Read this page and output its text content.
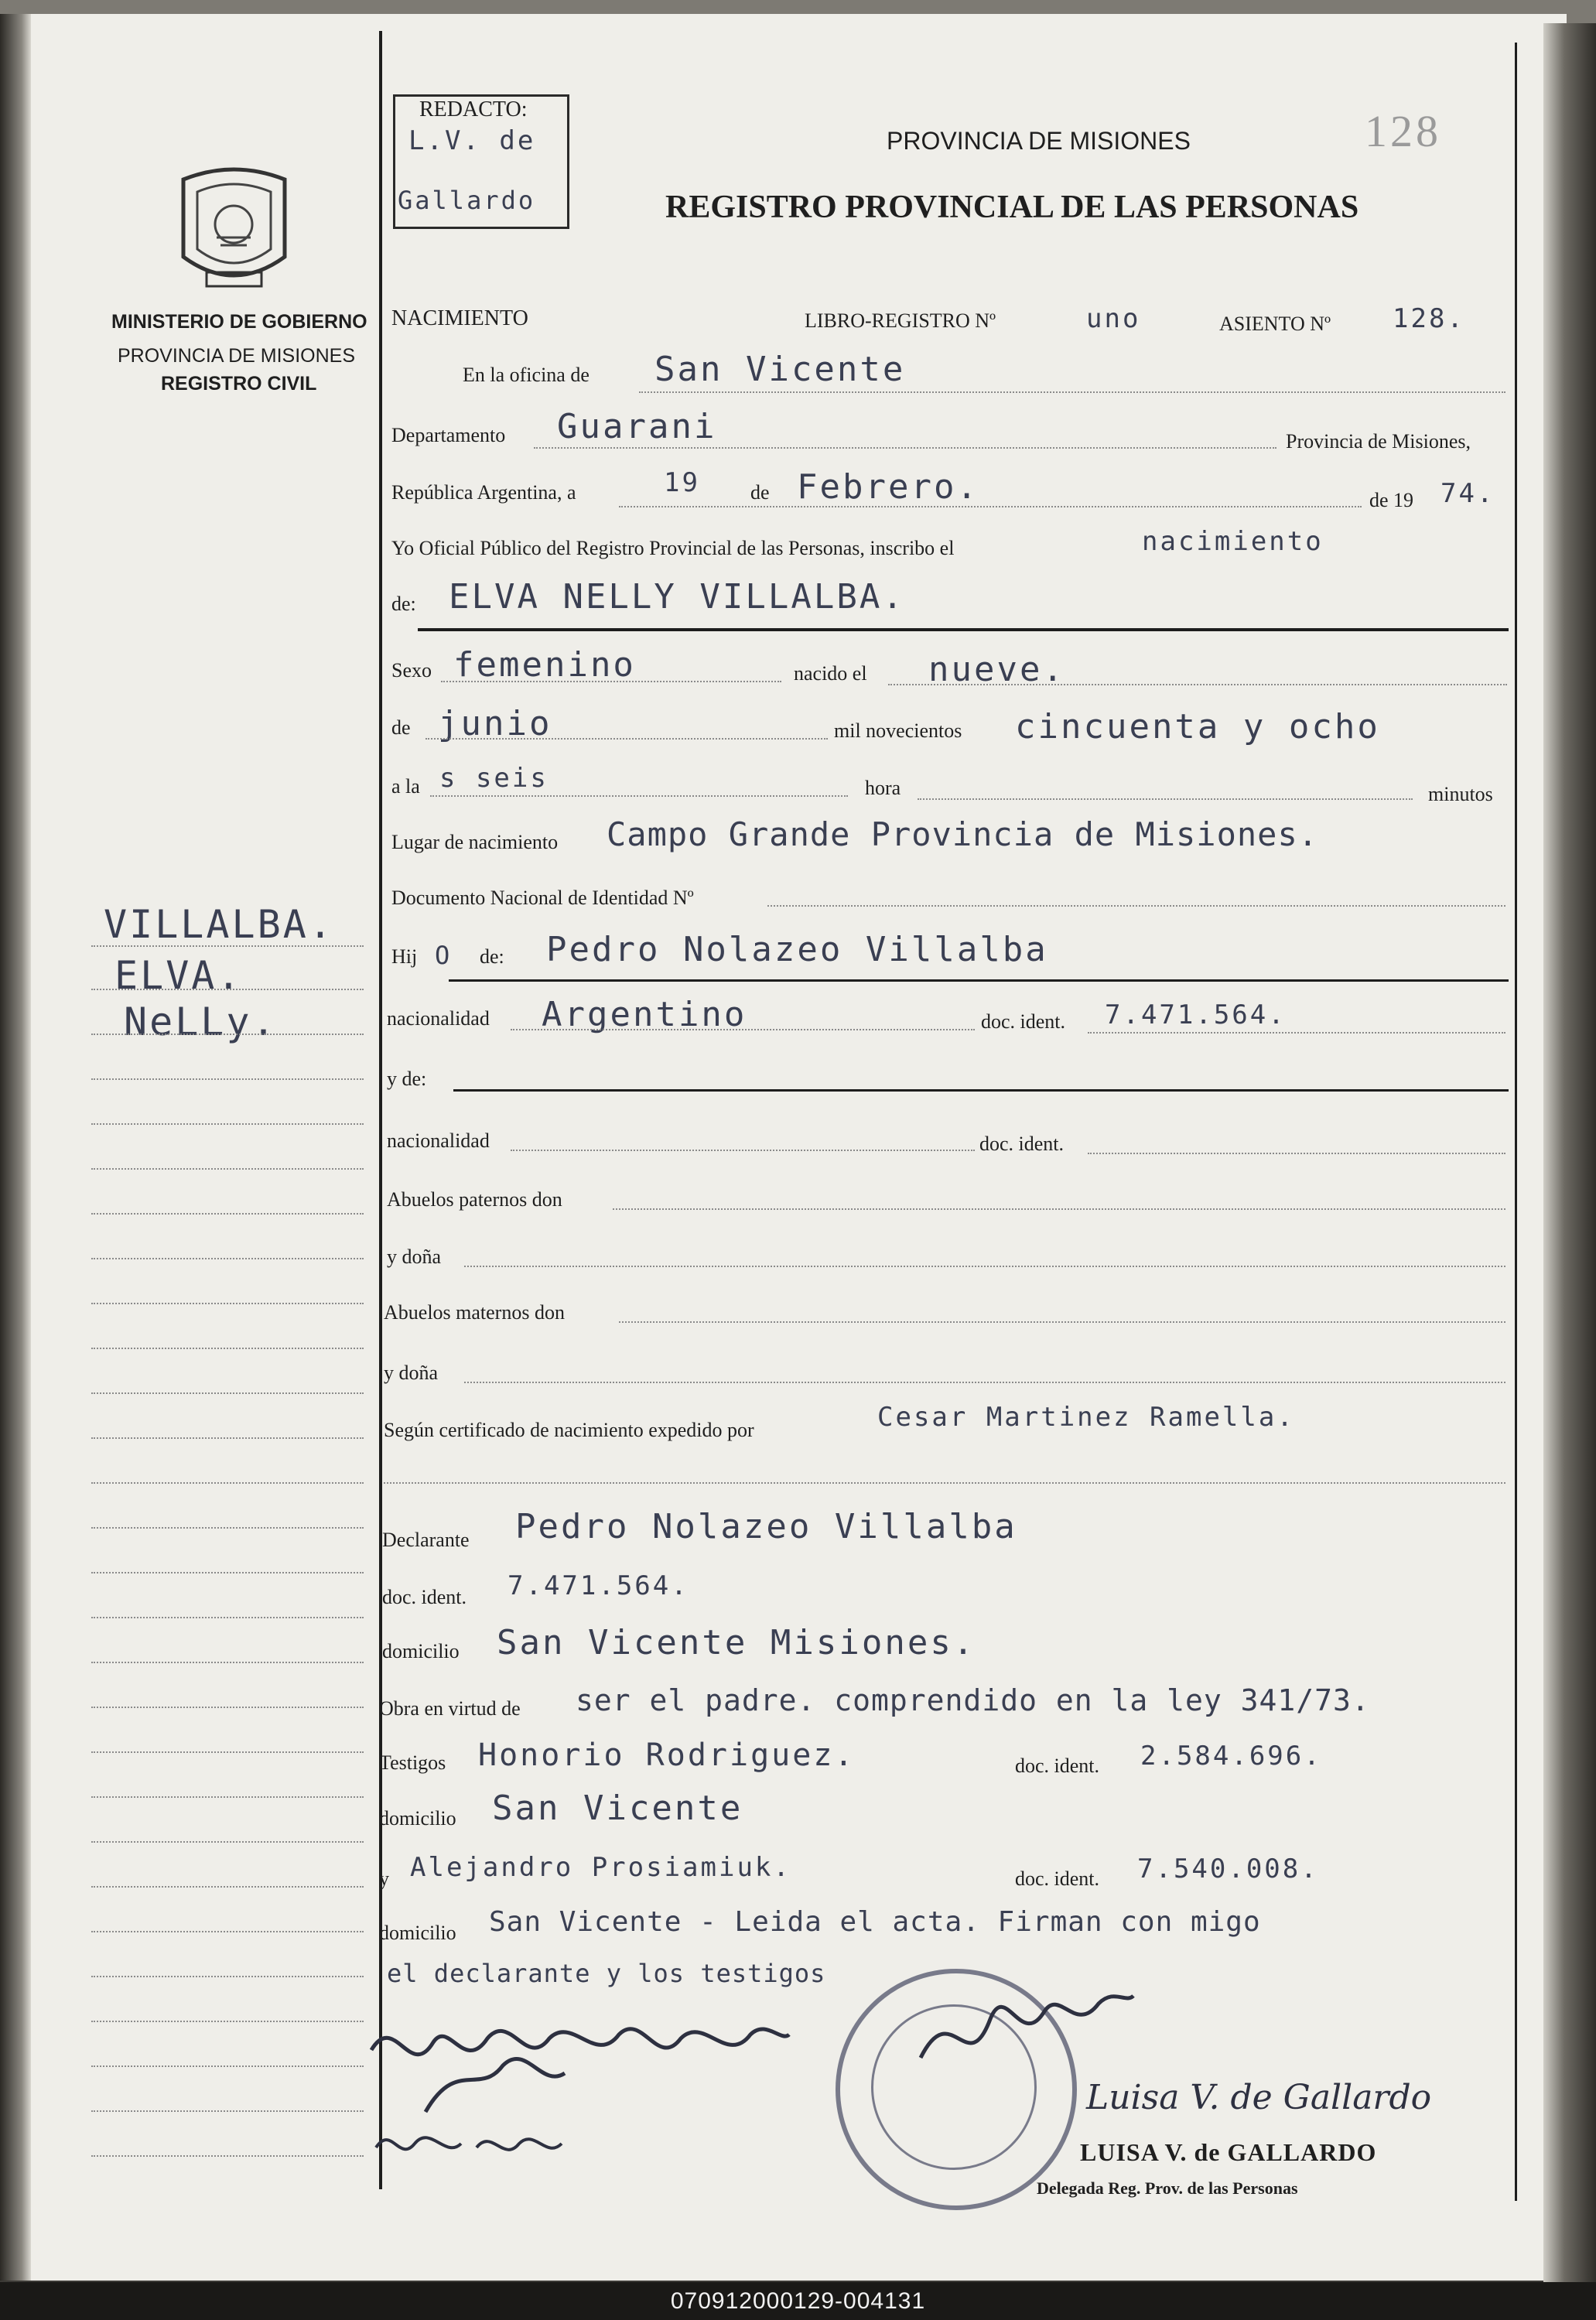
REDACTO:
L.V. de
Gallardo
PROVINCIA DE MISIONES
REGISTRO PROVINCIAL DE LAS PERSONAS
128
MINISTERIO DE GOBIERNO
PROVINCIA DE MISIONES
REGISTRO CIVIL
VILLALBA.
ELVA.
NeLLy.
NACIMIENTO	LIBRO-REGISTRO Nº	uno	ASIENTO Nº 128.
En la oficina de San Vicente
Departamento Guarani	Provincia de Misiones,
República Argentina, a	19	de Febrero.	de 19 74.
Yo Oficial Público del Registro Provincial de las Personas, inscribo el	nacimiento
de: ELVA NELLY VILLALBA.
Sexo femenino	nacido el nueve.
de junio	mil novecientos cincuenta y ocho
a la s seis	hora	minutos
Lugar de nacimiento Campo Grande Provincia de Misiones.
Documento Nacional de Identidad Nº
Hij O de: Pedro Nolazeo Villalba
nacionalidad Argentino	doc. ident. 7.471.564.
y de:
nacionalidad	doc. ident.
Abuelos paternos don
y doña
Abuelos maternos don
y doña
Según certificado de nacimiento expedido por	Cesar Martinez Ramella.
Declarante Pedro Nolazeo Villalba
doc. ident. 7.471.564.
domicilio San Vicente Misiones.
Obra en virtud de ser el padre. comprendido en la ley 341/73.
Testigos Honorio Rodriguez.	doc. ident. 2.584.696.
domicilio San Vicente
y Alejandro Prosiamiuk.	doc. ident. 7.540.008.
domicilio San Vicente - Leida el acta. Firman con migo
el declarante y los testigos
Luisa V. de Gallardo
LUISA V. de GALLARDO
Delegada Reg. Prov. de las Personas
070912000129-004131
